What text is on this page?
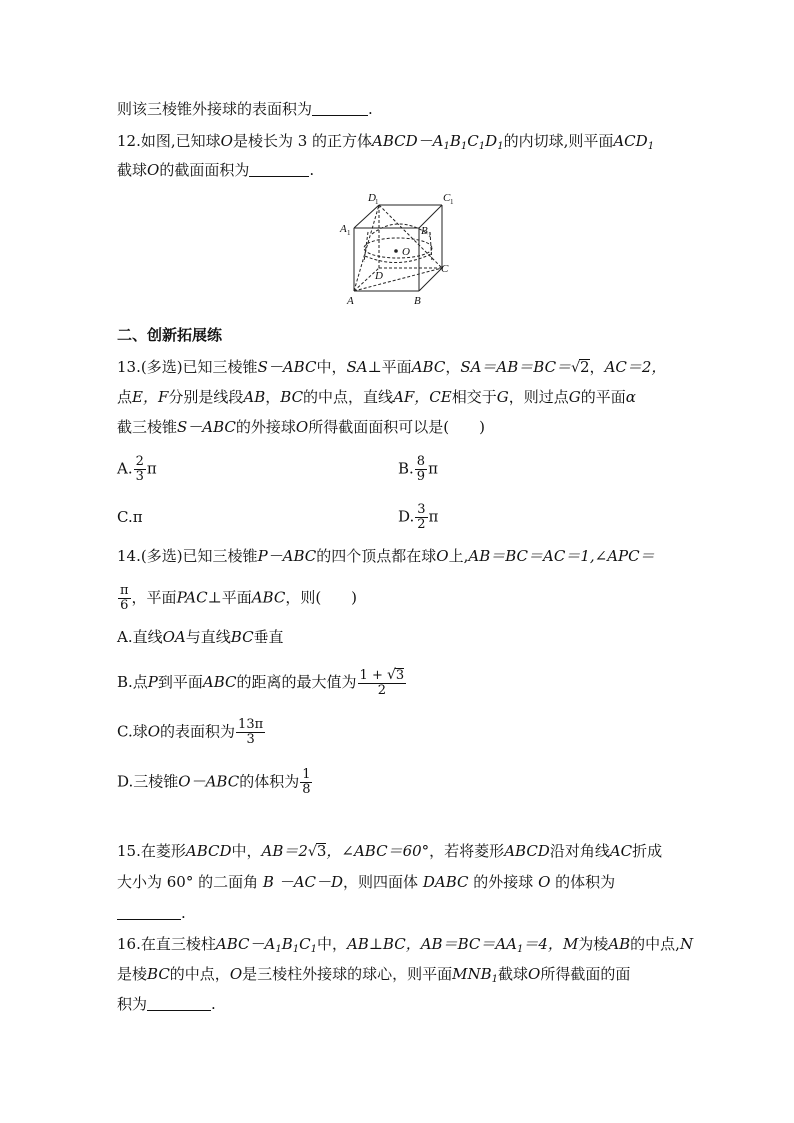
则该三棱锥外接球的表面积为	.
12.如图,已知球O是棱长为 3 的正方体$ABCD-A_1B_1C_1D_1$的内切球,则平面$ACD_1$
截球O的截面面积为	.
O
A	B
C
D
A 1	B 1
D 1	C 1
二、创新拓展练
13.(多选)已知三棱锥S－ABC中，SA⊥平面ABC，SA＝AB＝BC＝√2，AC＝2，
点E，F分别是线段AB，BC的中点，直线AF，CE相交于G，则过点G的平面α
截三棱锥S－ABC的外接球O所得截面面积可以是(　　)
A. $\frac{2}{3}$ π	B. $\frac{8}{9}$ π
C.π	D. $\frac{3}{2}$ π
14.(多选)已知三棱锥P－ABC的四个顶点都在球O上,AB＝BC＝AC＝1,∠APC＝
$\frac{\pi}{6}$ ，平面PAC⊥平面ABC，则(　　)
A.直线OA与直线BC垂直
B.点P到平面ABC的距离的最大值为 $\frac{1 + √3}{2}$
C.球O的表面积为 $\frac{13\pi}{3}$
D.三棱锥O－ABC的体积为 $\frac{1}{8}$
15.在菱形ABCD中，AB＝2√3，∠ABC＝60°，若将菱形ABCD沿对角线AC折成
大小为 60° 的二面角 B －AC－D，则四面体 DABC 的外接球 O 的体积为
.
16.在直三棱柱$ABC-A_1B_1C_1$中，AB⊥BC，$AB=BC=AA_1=4$，M为棱AB的中点,N
是棱BC的中点，O是三棱柱外接球的球心，则平面$MNB_1$截球O所得截面的面
积为	.
